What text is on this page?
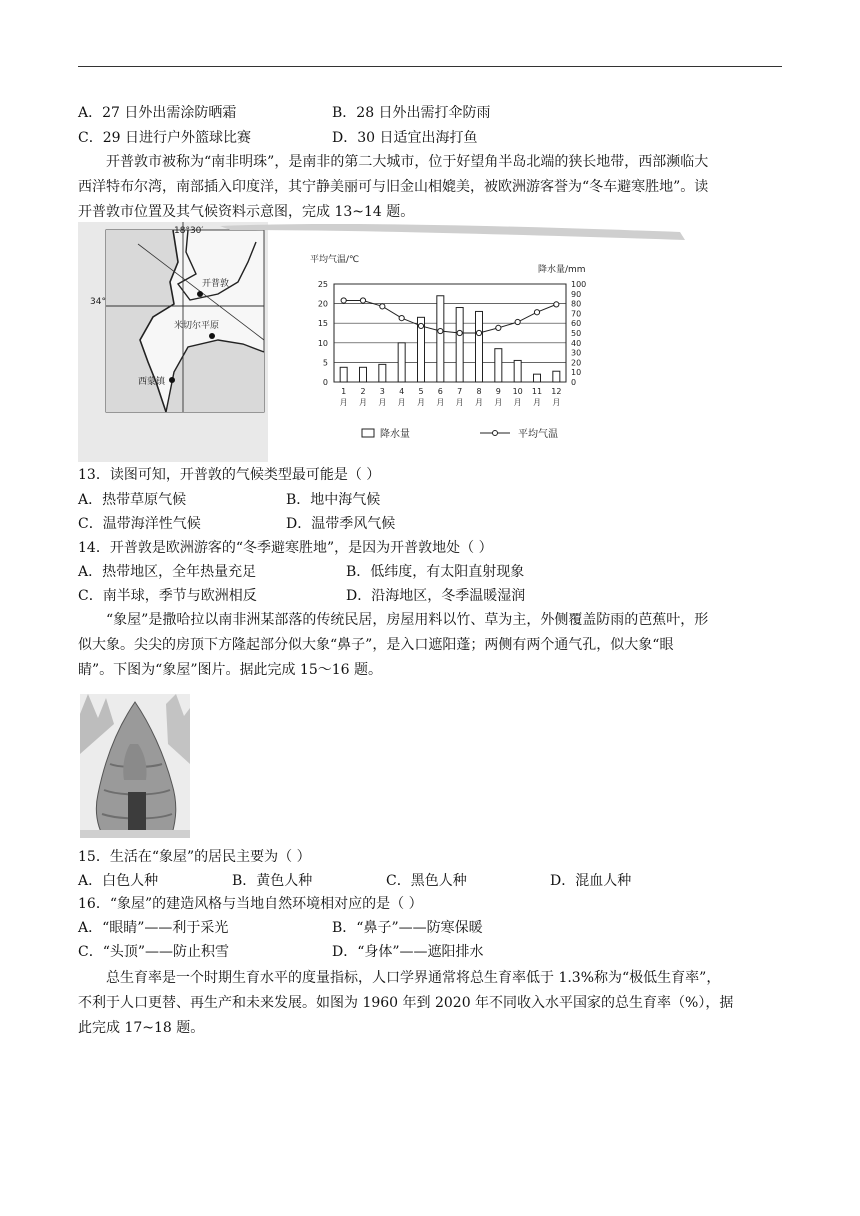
A．27 日外出需涂防晒霜	B．28 日外出需打伞防雨
C．29 日进行户外篮球比赛	D．30 日适宜出海打鱼
开普敦市被称为“南非明珠”，是南非的第二大城市，位于好望角半岛北端的狭长地带，西部濒临大
西洋特布尔湾，南部插入印度洋，其宁静美丽可与旧金山相媲美，被欧洲游客誉为“冬车避寒胜地”。读
开普敦市位置及其气候资料示意图，完成 13~14 题。
18°30′
34°
开普敦
米切尔平原
西蒙镇
平均气温/℃
降水量/mm
25
20
15
10
5
0
100
90
80
70
60
50
40
30
20
10
0
1
月
2
月
3
月
4
月
5
月
6
月
7
月
8
月
9
月
10
月
11
月
12
月
降水量	平均气温
13．读图可知，开普敦的气候类型最可能是（ ）
A．热带草原气候	B．地中海气候
C．温带海洋性气候	D．温带季风气候
14．开普敦是欧洲游客的“冬季避寒胜地”，是因为开普敦地处（ ）
A．热带地区，全年热量充足	B．低纬度，有太阳直射现象
C．南半球，季节与欧洲相反	D．沿海地区，冬季温暖湿润
“象屋”是撒哈拉以南非洲某部落的传统民居，房屋用料以竹、草为主，外侧覆盖防雨的芭蕉叶，形
似大象。尖尖的房顶下方隆起部分似大象“鼻子”，是入口遮阳蓬；两侧有两个通气孔，似大象“眼
睛”。下图为“象屋”图片。据此完成 15～16 题。
15．生活在“象屋”的居民主要为（ ）
A．白色人种	B．黄色人种	C．黑色人种	D．混血人种
16．“象屋”的建造风格与当地自然环境相对应的是（ ）
A．“眼睛”——利于采光	B．“鼻子”——防寒保暖
C．“头顶”——防止积雪	D．“身体”——遮阳排水
总生育率是一个时期生育水平的度量指标，人口学界通常将总生育率低于 1.3%称为“极低生育率”，
不利于人口更替、再生产和未来发展。如图为 1960 年到 2020 年不同收入水平国家的总生育率（%），据
此完成 17~18 题。
